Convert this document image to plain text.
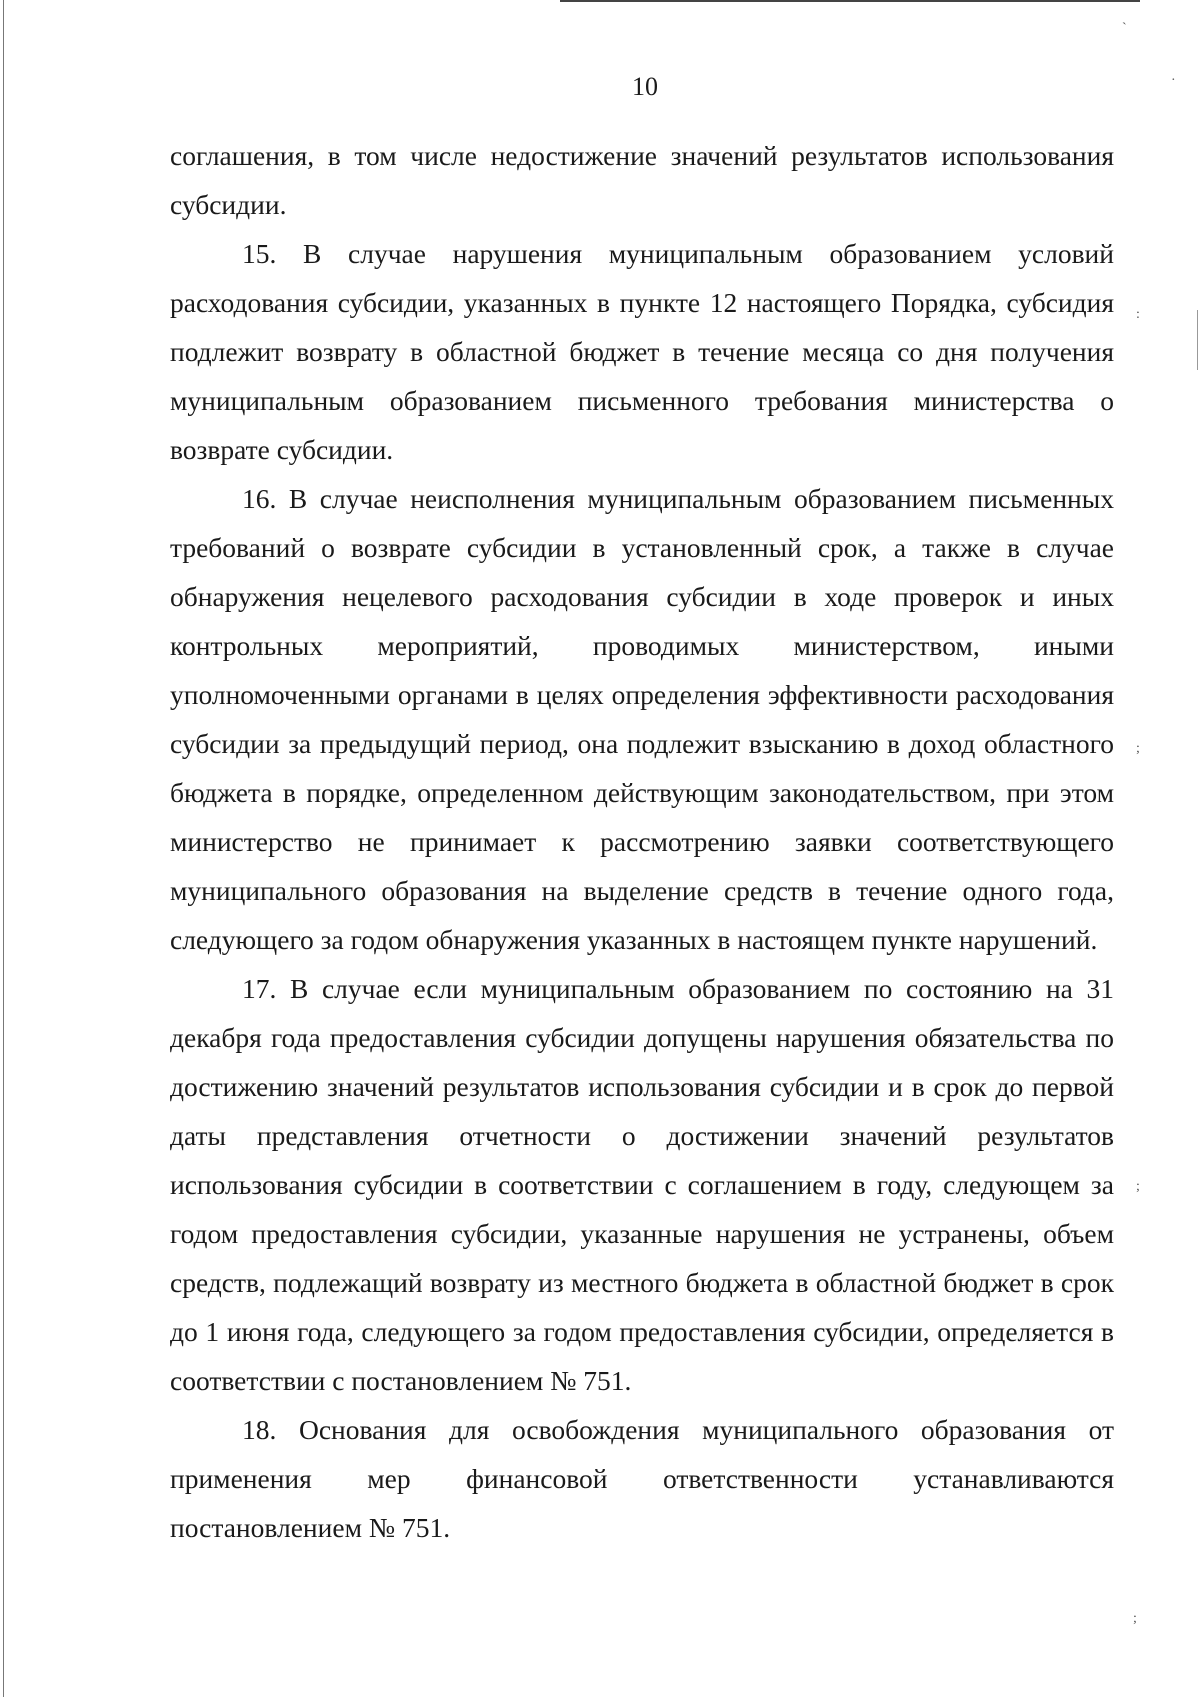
`
·
:
;
;
;
10

соглашения, в том числе недостижение значений результатов использования субсидии.

15. В случае нарушения муниципальным образованием условий расходования субсидии, указанных в пункте 12 настоящего Порядка, субсидия подлежит возврату в областной бюджет в течение месяца со дня получения муниципальным образованием письменного требования министерства о возврате субсидии.

16. В случае неисполнения муниципальным образованием письменных требований о возврате субсидии в установленный срок, а также в случае обнаружения нецелевого расходования субсидии в ходе проверок и иных контрольных мероприятий, проводимых министерством, иными уполномоченными органами в целях определения эффективности расходования субсидии за предыдущий период, она подлежит взысканию в доход областного бюджета в порядке, определенном действующим законодательством, при этом министерство не принимает к рассмотрению заявки соответствующего муниципального образования на выделение средств в течение одного года, следующего за годом обнаружения указанных в настоящем пункте нарушений.

17. В случае если муниципальным образованием по состоянию на 31 декабря года предоставления субсидии допущены нарушения обязательства по достижению значений результатов использования субсидии и в срок до первой даты представления отчетности о достижении значений результатов использования субсидии в соответствии с соглашением в году, следующем за годом предоставления субсидии, указанные нарушения не устранены, объем средств, подлежащий возврату из местного бюджета в областной бюджет в срок до 1 июня года, следующего за годом предоставления субсидии, определяется в соответствии с постановлением № 751.

18. Основания для освобождения муниципального образования от применения мер финансовой ответственности устанавливаются постановлением № 751.
